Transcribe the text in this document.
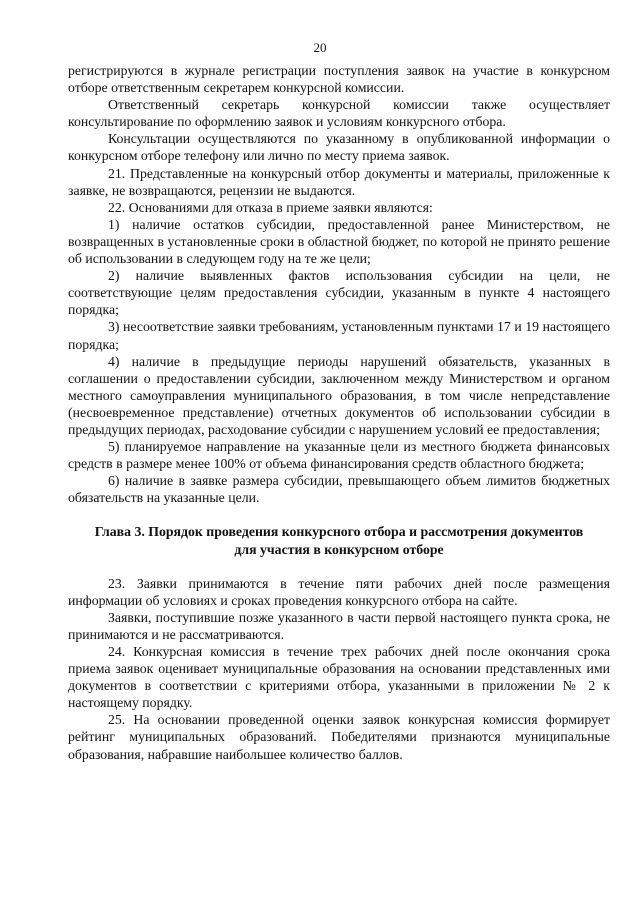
20

регистрируются в журнале регистрации поступления заявок на участие в конкурсном отборе ответственным секретарем конкурсной комиссии.

Ответственный секретарь конкурсной комиссии также осуществляет консультирование по оформлению заявок и условиям конкурсного отбора.

Консультации осуществляются по указанному в опубликованной информации о конкурсном отборе телефону или лично по месту приема заявок.

21. Представленные на конкурсный отбор документы и материалы, приложенные к заявке, не возвращаются, рецензии не выдаются.

22. Основаниями для отказа в приеме заявки являются:

1) наличие остатков субсидии, предоставленной ранее Министерством, не возвращенных в установленные сроки в областной бюджет, по которой не принято решение об использовании в следующем году на те же цели;

2) наличие выявленных фактов использования субсидии на цели, не соответствующие целям предоставления субсидии, указанным в пункте 4 настоящего порядка;

3) несоответствие заявки требованиям, установленным пунктами 17 и 19 настоящего порядка;

4) наличие в предыдущие периоды нарушений обязательств, указанных в соглашении о предоставлении субсидии, заключенном между Министерством и органом местного самоуправления муниципального образования, в том числе непредставление (несвоевременное представление) отчетных документов об использовании субсидии в предыдущих периодах, расходование субсидии с нарушением условий ее предоставления;

5) планируемое направление на указанные цели из местного бюджета финансовых средств в размере менее 100% от объема финансирования средств областного бюджета;

6) наличие в заявке размера субсидии, превышающего объем лимитов бюджетных обязательств на указанные цели.

Глава 3. Порядок проведения конкурсного отбора и рассмотрения документов для участия в конкурсном отборе

23. Заявки принимаются в течение пяти рабочих дней после размещения информации об условиях и сроках проведения конкурсного отбора на сайте.

Заявки, поступившие позже указанного в части первой настоящего пункта срока, не принимаются и не рассматриваются.

24. Конкурсная комиссия в течение трех рабочих дней после окончания срока приема заявок оценивает муниципальные образования на основании представленных ими документов в соответствии с критериями отбора, указанными в приложении № 2 к настоящему порядку.

25. На основании проведенной оценки заявок конкурсная комиссия формирует рейтинг муниципальных образований. Победителями признаются муниципальные образования, набравшие наибольшее количество баллов.
